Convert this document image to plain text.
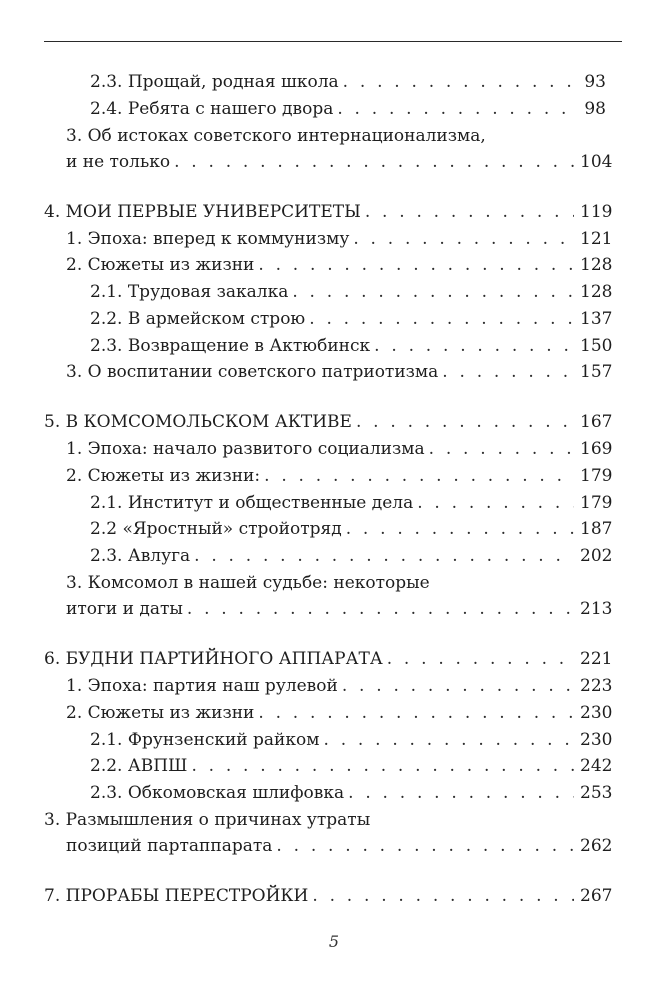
2.3. Прощай, родная школа . . .	93
2.4. Ребята с нашего двора . . .	98
3. Об истоках советского интернационализма,
и не только . . .	104
4. МОИ ПЕРВЫЕ УНИВЕРСИТЕТЫ . . .	119
1. Эпоха: вперед к коммунизму . . .	121
2. Сюжеты из жизни . . .	128
2.1. Трудовая закалка . . .	128
2.2. В армейском строю . . .	137
2.3. Возвращение в Актюбинск . . .	150
3. О воспитании советского патриотизма . . .	157
5. В КОМСОМОЛЬСКОМ АКТИВЕ . . .	167
1. Эпоха: начало развитого социализма . . .	169
2. Сюжеты из жизни: . . .	179
2.1. Институт и общественные дела . . .	179
2.2 «Яростный» стройотряд . . .	187
2.3. Авлуга . . .	202
3. Комсомол в нашей судьбе: некоторые
итоги и даты . . .	213
6. БУДНИ ПАРТИЙНОГО АППАРАТА . . .	221
1. Эпоха: партия наш рулевой . . .	223
2. Сюжеты из жизни . . .	230
2.1. Фрунзенский райком . . .	230
2.2. АВПШ . . .	242
2.3. Обкомовская шлифовка . . .	253
3. Размышления о причинах утраты
позиций партаппарата . . .	262
7. ПРОРАБЫ ПЕРЕСТРОЙКИ . . .	267
5
